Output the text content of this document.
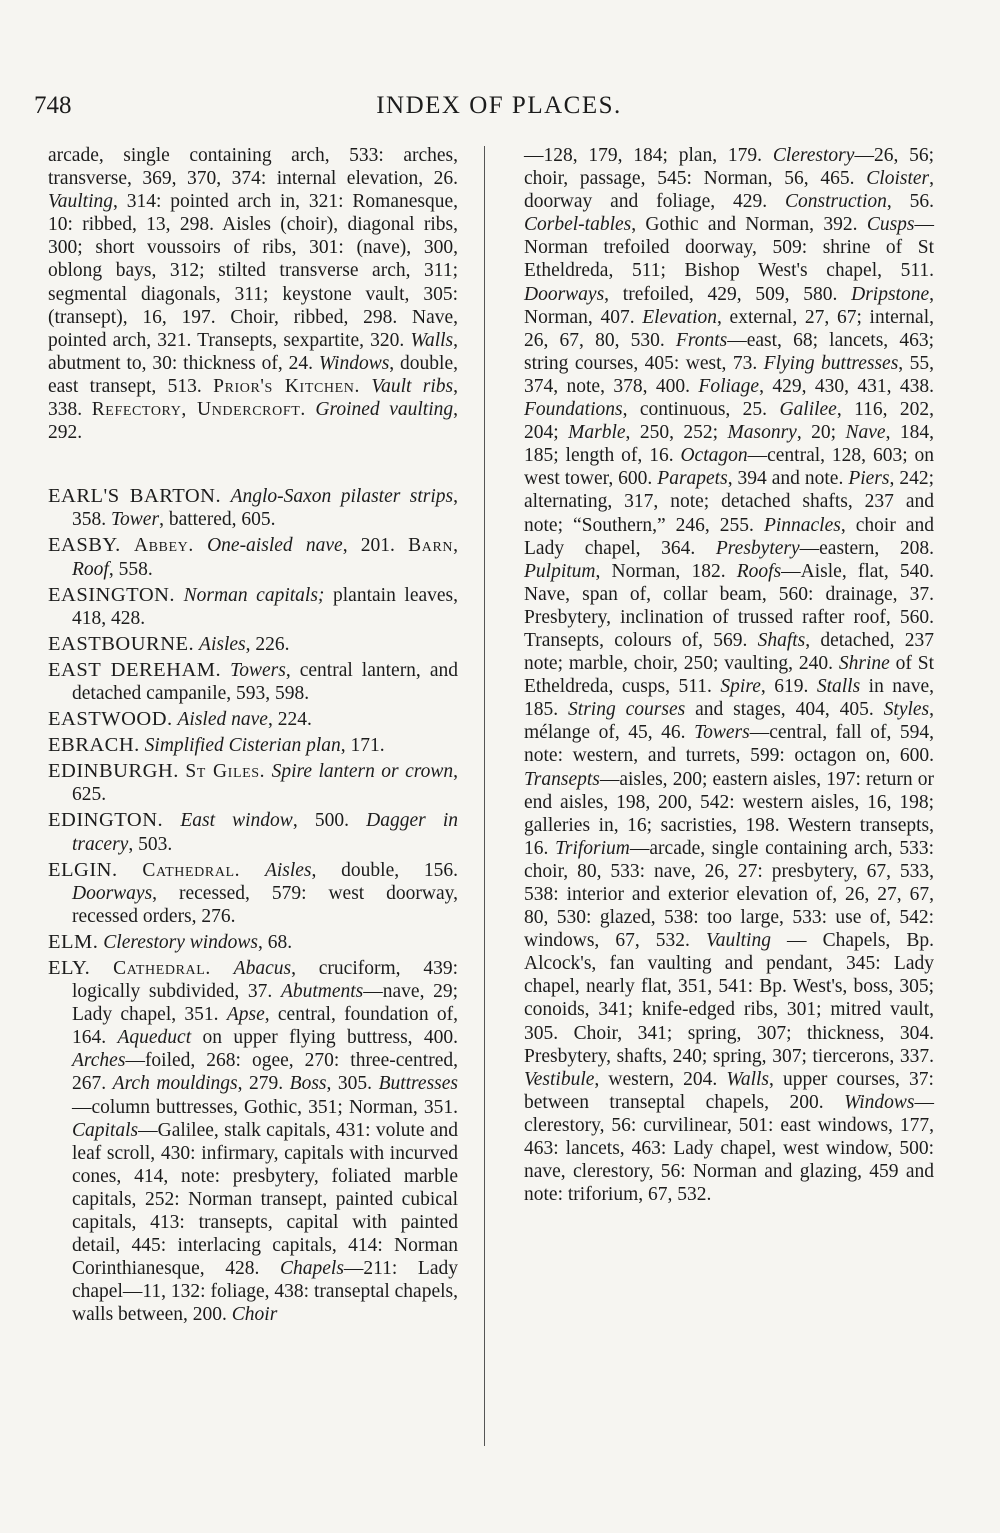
748	INDEX OF PLACES.

arcade, single containing arch, 533: arches, transverse, 369, 370, 374: internal elevation, 26. Vaulting, 314: pointed arch in, 321: Romanesque, 10: ribbed, 13, 298. Aisles (choir), diagonal ribs, 300; short voussoirs of ribs, 301: (nave), 300, oblong bays, 312; stilted transverse arch, 311; segmental diagonals, 311; keystone vault, 305: (transept), 16, 197. Choir, ribbed, 298. Nave, pointed arch, 321. Transepts, sexpartite, 320. Walls, abutment to, 30: thickness of, 24. Windows, double, east transept, 513. Prior's Kitchen. Vault ribs, 338. Refectory, Undercroft. Groined vaulting, 292.

EARL'S BARTON. Anglo-Saxon pilaster strips, 358. Tower, battered, 605.

EASBY. Abbey. One-aisled nave, 201. Barn, Roof, 558.

EASINGTON. Norman capitals; plantain leaves, 418, 428.

EASTBOURNE. Aisles, 226.

EAST DEREHAM. Towers, central lantern, and detached campanile, 593, 598.

EASTWOOD. Aisled nave, 224.

EBRACH. Simplified Cisterian plan, 171.

EDINBURGH. St Giles. Spire lantern or crown, 625.

EDINGTON. East window, 500. Dagger in tracery, 503.

ELGIN. Cathedral. Aisles, double, 156. Doorways, recessed, 579: west doorway, recessed orders, 276.

ELM. Clerestory windows, 68.

ELY. Cathedral. Abacus, cruciform, 439: logically subdivided, 37. Abutments—nave, 29; Lady chapel, 351. Apse, central, foundation of, 164. Aqueduct on upper flying buttress, 400. Arches—foiled, 268: ogee, 270: three-centred, 267. Arch mouldings, 279. Boss, 305. Buttresses—column buttresses, Gothic, 351; Norman, 351. Capitals—Galilee, stalk capitals, 431: volute and leaf scroll, 430: infirmary, capitals with incurved cones, 414, note: presbytery, foliated marble capitals, 252: Norman transept, painted cubical capitals, 413: transepts, capital with painted detail, 445: interlacing capitals, 414: Norman Corinthianesque, 428. Chapels—211: Lady chapel—11, 132: foliage, 438: transeptal chapels, walls between, 200. Choir

—128, 179, 184; plan, 179. Clerestory—26, 56; choir, passage, 545: Norman, 56, 465. Cloister, doorway and foliage, 429. Construction, 56. Corbel-tables, Gothic and Norman, 392. Cusps—Norman trefoiled doorway, 509: shrine of St Etheldreda, 511; Bishop West's chapel, 511. Doorways, trefoiled, 429, 509, 580. Dripstone, Norman, 407. Elevation, external, 27, 67; internal, 26, 67, 80, 530. Fronts—east, 68; lancets, 463; string courses, 405: west, 73. Flying buttresses, 55, 374, note, 378, 400. Foliage, 429, 430, 431, 438. Foundations, continuous, 25. Galilee, 116, 202, 204; Marble, 250, 252; Masonry, 20; Nave, 184, 185; length of, 16. Octagon—central, 128, 603; on west tower, 600. Parapets, 394 and note. Piers, 242; alternating, 317, note; detached shafts, 237 and note; “Southern,” 246, 255. Pinnacles, choir and Lady chapel, 364. Presbytery—eastern, 208. Pulpitum, Norman, 182. Roofs—Aisle, flat, 540. Nave, span of, collar beam, 560: drainage, 37. Presbytery, inclination of trussed rafter roof, 560. Transepts, colours of, 569. Shafts, detached, 237 note; marble, choir, 250; vaulting, 240. Shrine of St Etheldreda, cusps, 511. Spire, 619. Stalls in nave, 185. String courses and stages, 404, 405. Styles, mélange of, 45, 46. Towers—central, fall of, 594, note: western, and turrets, 599: octagon on, 600. Transepts—aisles, 200; eastern aisles, 197: return or end aisles, 198, 200, 542: western aisles, 16, 198; galleries in, 16; sacristies, 198. Western transepts, 16. Triforium—arcade, single containing arch, 533: choir, 80, 533: nave, 26, 27: presbytery, 67, 533, 538: interior and exterior elevation of, 26, 27, 67, 80, 530: glazed, 538: too large, 533: use of, 542: windows, 67, 532. Vaulting — Chapels, Bp. Alcock's, fan vaulting and pendant, 345: Lady chapel, nearly flat, 351, 541: Bp. West's, boss, 305; conoids, 341; knife-edged ribs, 301; mitred vault, 305. Choir, 341; spring, 307; thickness, 304. Presbytery, shafts, 240; spring, 307; tiercerons, 337. Vestibule, western, 204. Walls, upper courses, 37: between transeptal chapels, 200. Windows—clerestory, 56: curvilinear, 501: east windows, 177, 463: lancets, 463: Lady chapel, west window, 500: nave, clerestory, 56: Norman and glazing, 459 and note: triforium, 67, 532.
